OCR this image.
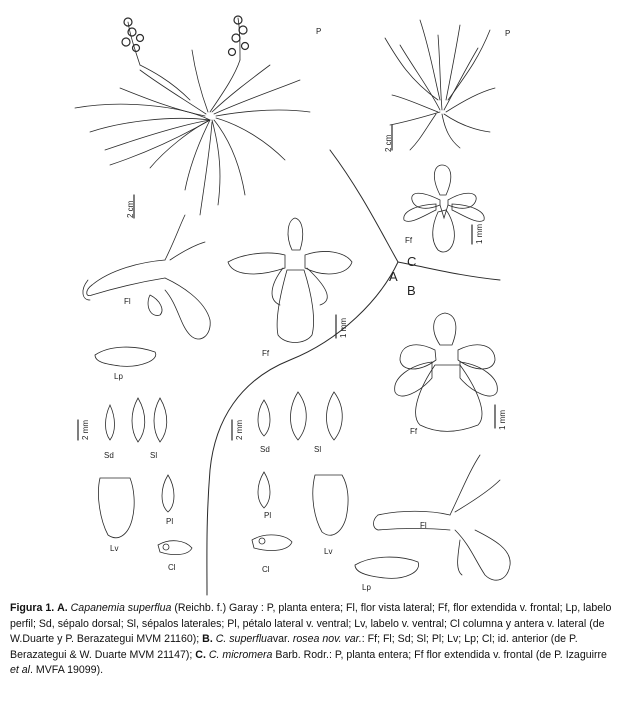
P	P
2 cm
2 cm
Ff	1 mm
A
B
C
Fl
Ff
1 mm
Lp
Ff
1 mm
Sd	Sl
2 mm
Pl
Lv
Cl
Sd	Sl
2 mm
Pl
Lv
Cl
Fl
Lp
Figura 1. A. Capanemia superflua (Reichb. f.) Garay : P, planta entera; Fl, flor vista lateral; Ff, flor extendida v. frontal; Lp, labelo perfil; Sd, sépalo dorsal; Sl, sépalos laterales; Pl, pétalo lateral v. ventral; Lv, labelo v. ventral; Cl columna y antera v. lateral (de W.Duarte y P. Berazategui MVM 21160); B. C. superfluavar. rosea nov. var.: Ff; Fl; Sd; Sl; Pl; Lv; Lp; Cl; id. anterior (de P. Berazategui & W. Duarte MVM 21147); C. C. micromera Barb. Rodr.: P, planta entera; Ff flor extendida v. frontal (de P. Izaguirre et al. MVFA 19099).
